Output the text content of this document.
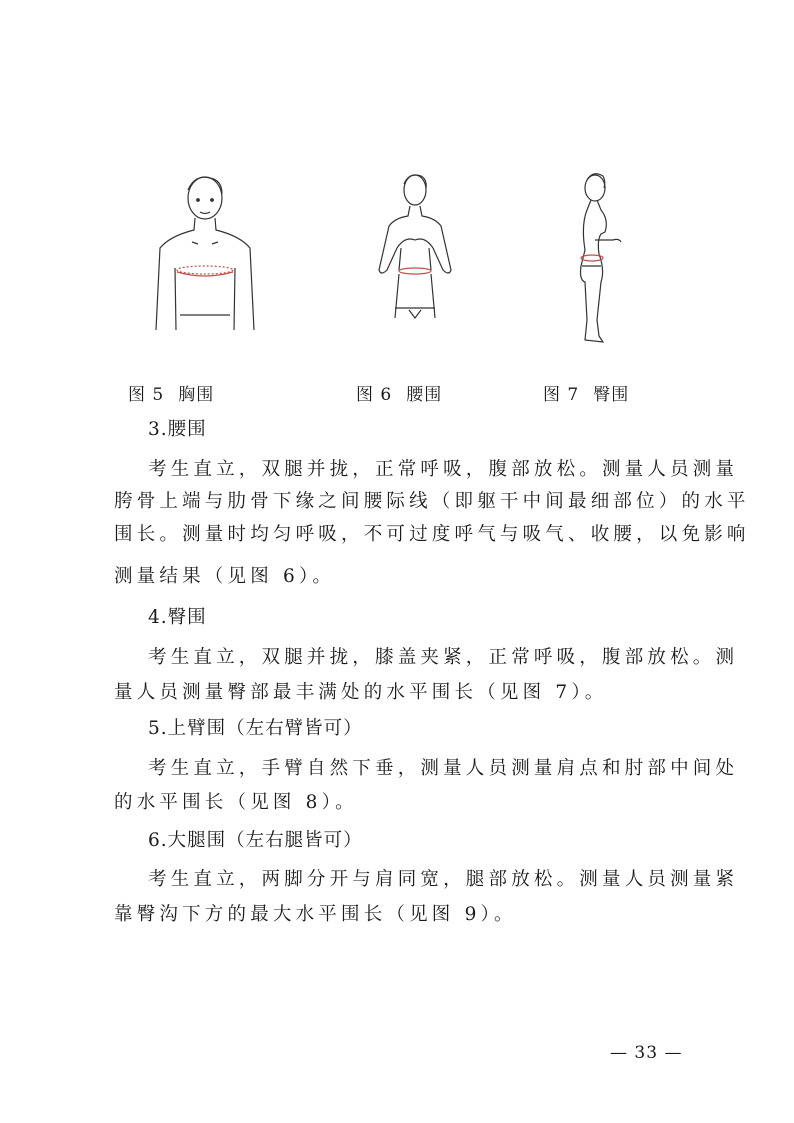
图 5 胸围	图 6 腰围	图 7 臀围
3.腰围
考生直立，双腿并拢，正常呼吸，腹部放松。测量人员测量
胯骨上端与肋骨下缘之间腰际线（即躯干中间最细部位）的水平
围长。测量时均匀呼吸，不可过度呼气与吸气、收腰，以免影响
测量结果（见图 6）。
4.臀围
考生直立，双腿并拢，膝盖夹紧，正常呼吸，腹部放松。测
量人员测量臀部最丰满处的水平围长（见图 7）。
5.上臂围（左右臂皆可）
考生直立，手臂自然下垂，测量人员测量肩点和肘部中间处
的水平围长（见图 8）。
6.大腿围（左右腿皆可）
考生直立，两脚分开与肩同宽，腿部放松。测量人员测量紧
靠臀沟下方的最大水平围长（见图 9）。
— 33 —
